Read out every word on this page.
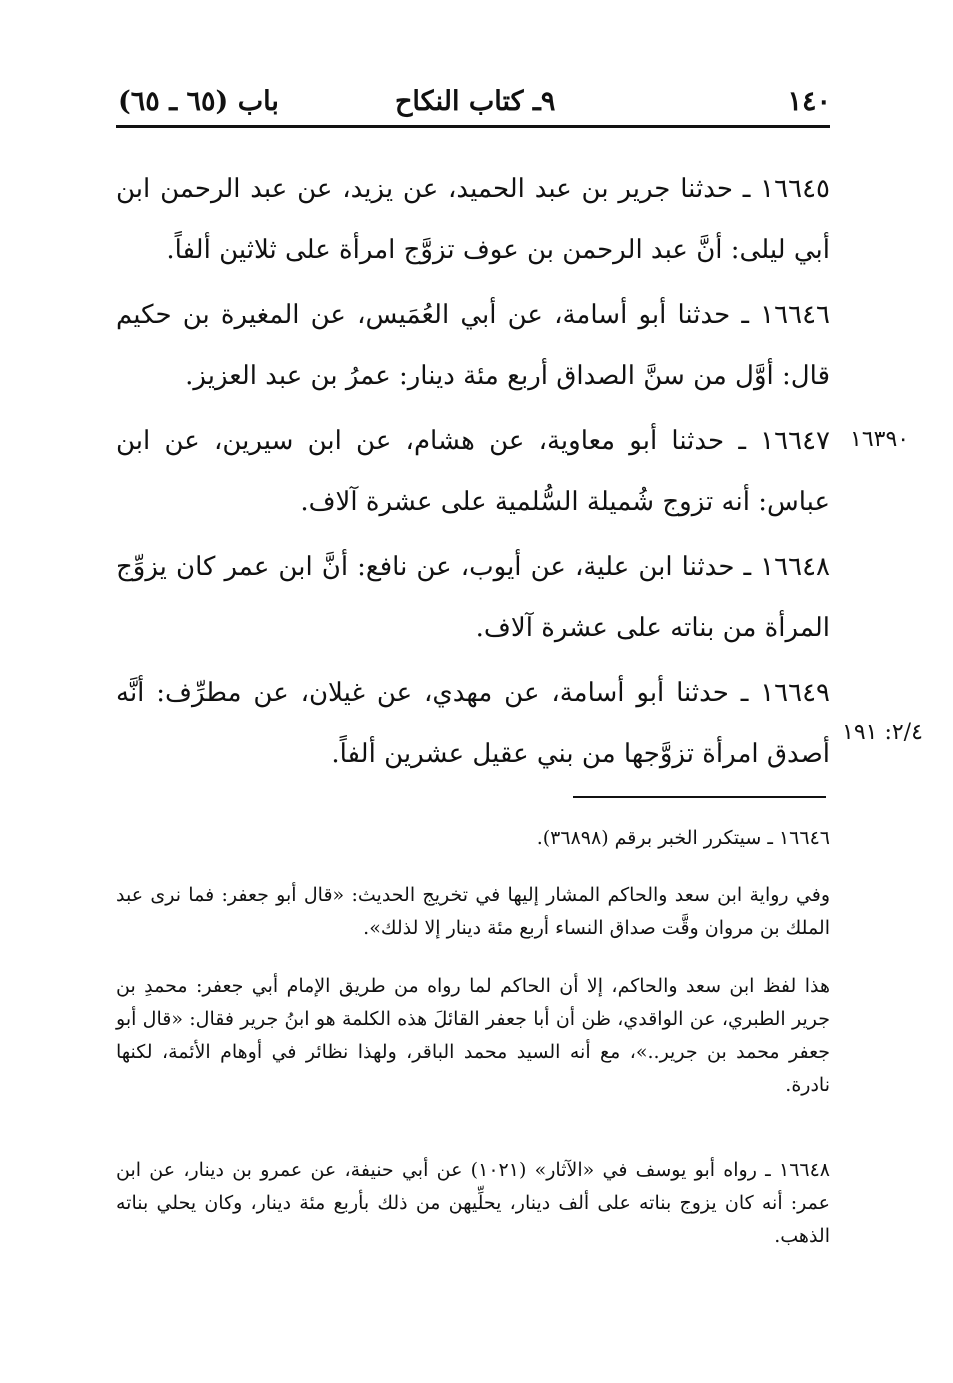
١٤٠
٩ـ كتاب النكاح
باب (٦٥ ـ ٦٥)

١٦٦٤٥ ـ حدثنا جرير بن عبد الحميد، عن يزيد، عن عبد الرحمن ابن أبي ليلى: أنَّ عبد الرحمن بن عوف تزوَّج امرأة على ثلاثين ألفاً.

١٦٦٤٦ ـ حدثنا أبو أسامة، عن أبي العُمَيس، عن المغيرة بن حكيم قال: أوَّل من سنَّ الصداق أربع مئة دينار: عمرُ بن عبد العزيز.

١٦٦٤٧ ـ حدثنا أبو معاوية، عن هشام، عن ابن سيرين، عن ابن عباس: أنه تزوج شُميلة السُّلمية على عشرة آلاف.

١٦٦٤٨ ـ حدثنا ابن علية، عن أيوب، عن نافع: أنَّ ابن عمر كان يزوِّج المرأة من بناته على عشرة آلاف.

١٦٦٤٩ ـ حدثنا أبو أسامة، عن مهدي، عن غيلان، عن مطرِّف: أنَّه أصدق امرأة تزوَّجها من بني عقيل عشرين ألفاً.

١٦٣٩٠
٢/٤: ١٩١

١٦٦٤٦ ـ سيتكرر الخبر برقم (٣٦٨٩٨).

وفي رواية ابن سعد والحاكم المشار إليها في تخريج الحديث: «قال أبو جعفر: فما نرى عبد الملك بن مروان وقَّت صداق النساء أربع مئة دينار إلا لذلك».

هذا لفظ ابن سعد والحاكم، إلا أن الحاكم لما رواه من طريق الإمام أبي جعفر: محمدِ بن جرير الطبري، عن الواقدي، ظن أن أبا جعفر القائلَ هذه الكلمة هو ابنُ جرير فقال: «قال أبو جعفر محمد بن جرير..»، مع أنه السيد محمد الباقر، ولهذا نظائر في أوهام الأئمة، لكنها نادرة.

١٦٦٤٨ ـ رواه أبو يوسف في «الآثار» (١٠٢١) عن أبي حنيفة، عن عمرو بن دينار، عن ابن عمر: أنه كان يزوج بناته على ألف دينار، يحلِّيهن من ذلك بأربع مئة دينار، وكان يحلي بناته الذهب.
